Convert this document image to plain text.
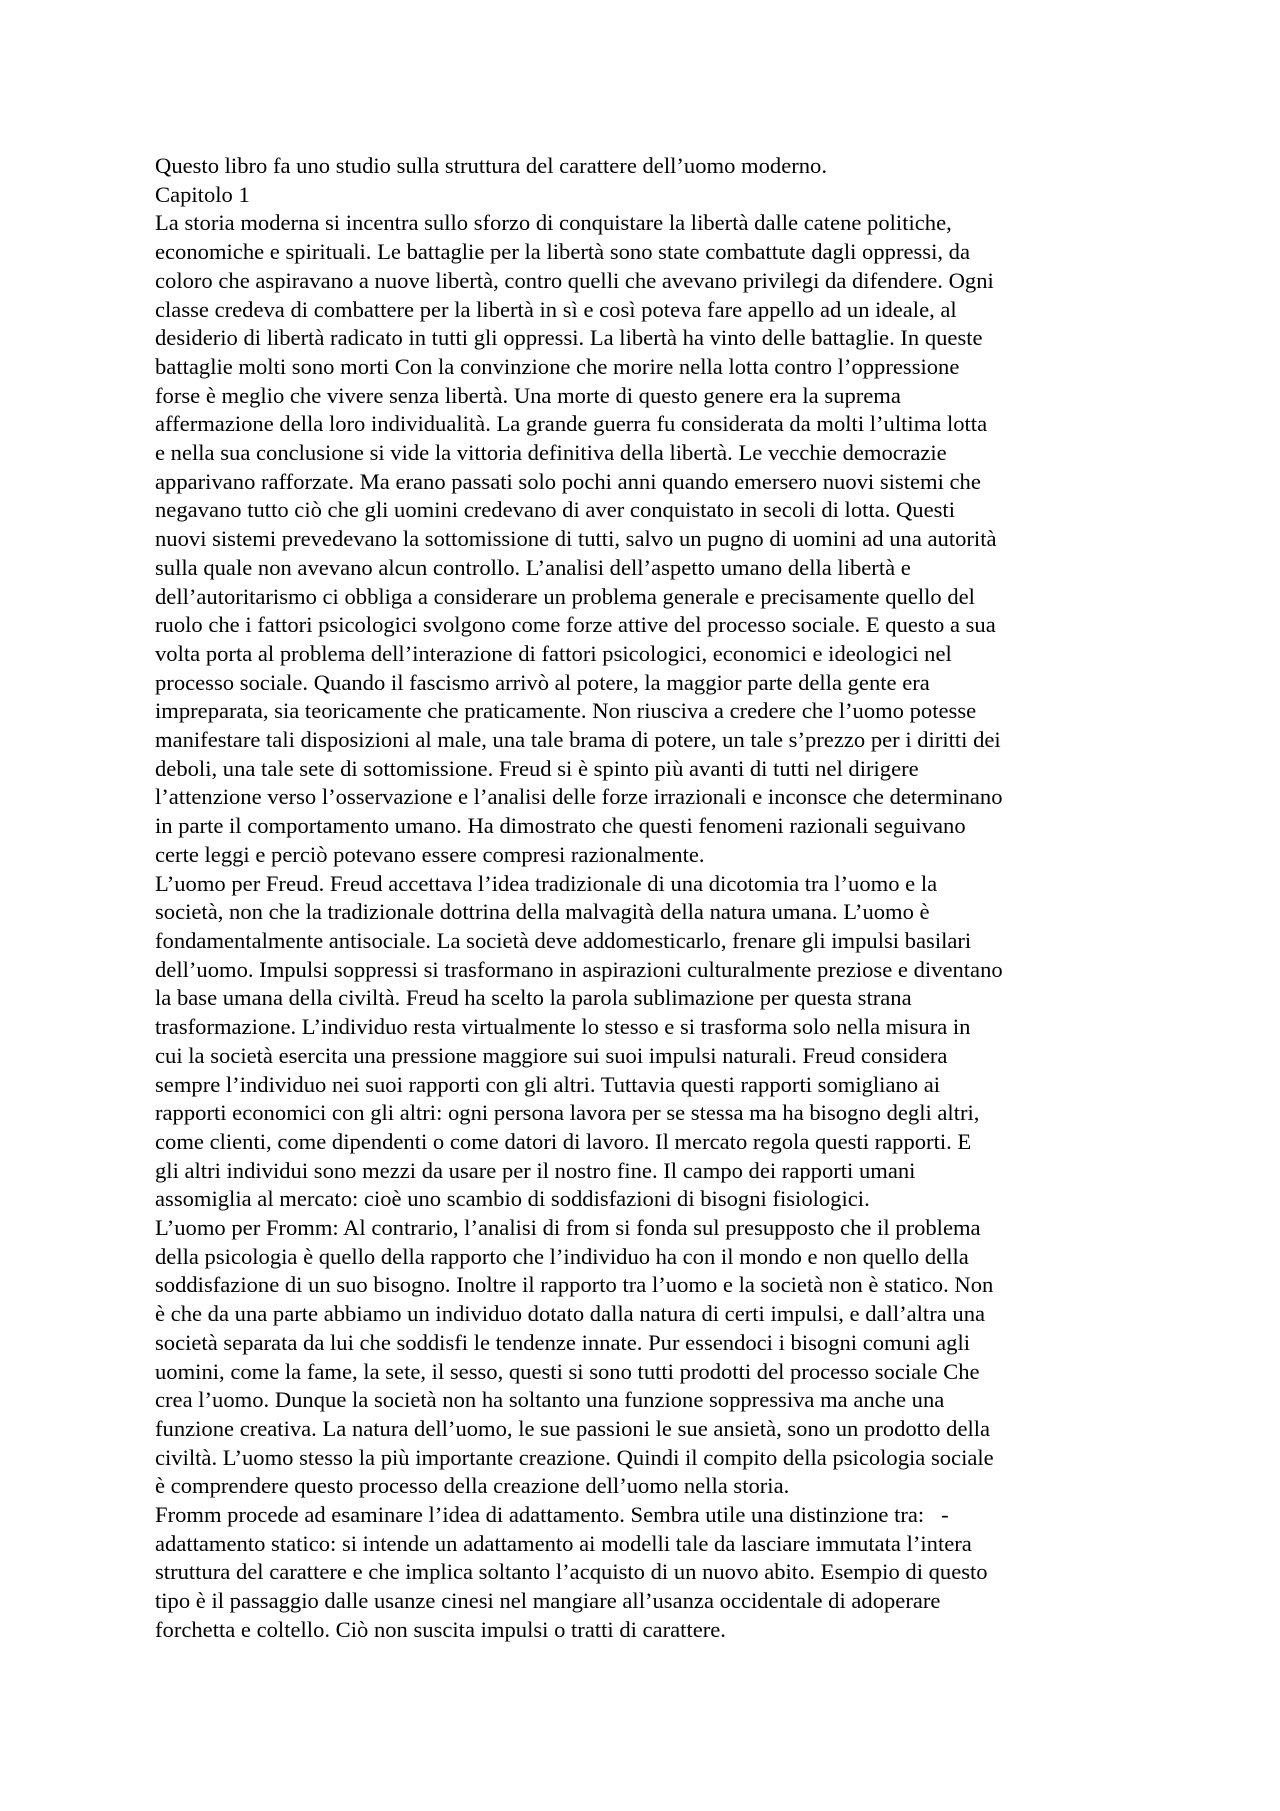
Questo libro fa uno studio sulla struttura del carattere dell’uomo moderno.
Capitolo 1
La storia moderna si incentra sullo sforzo di conquistare la libertà dalle catene politiche,
economiche e spirituali. Le battaglie per la libertà sono state combattute dagli oppressi, da
coloro che aspiravano a nuove libertà, contro quelli che avevano privilegi da difendere. Ogni
classe credeva di combattere per la libertà in sì e così poteva fare appello ad un ideale, al
desiderio di libertà radicato in tutti gli oppressi. La libertà ha vinto delle battaglie. In queste
battaglie molti sono morti Con la convinzione che morire nella lotta contro l’oppressione
forse è meglio che vivere senza libertà. Una morte di questo genere era la suprema
affermazione della loro individualità. La grande guerra fu considerata da molti l’ultima lotta
e nella sua conclusione si vide la vittoria definitiva della libertà. Le vecchie democrazie
apparivano rafforzate. Ma erano passati solo pochi anni quando emersero nuovi sistemi che
negavano tutto ciò che gli uomini credevano di aver conquistato in secoli di lotta. Questi
nuovi sistemi prevedevano la sottomissione di tutti, salvo un pugno di uomini ad una autorità
sulla quale non avevano alcun controllo. L’analisi dell’aspetto umano della libertà e
dell’autoritarismo ci obbliga a considerare un problema generale e precisamente quello del
ruolo che i fattori psicologici svolgono come forze attive del processo sociale. E questo a sua
volta porta al problema dell’interazione di fattori psicologici, economici e ideologici nel
processo sociale. Quando il fascismo arrivò al potere, la maggior parte della gente era
impreparata, sia teoricamente che praticamente. Non riusciva a credere che l’uomo potesse
manifestare tali disposizioni al male, una tale brama di potere, un tale s’prezzo per i diritti dei
deboli, una tale sete di sottomissione. Freud si è spinto più avanti di tutti nel dirigere
l’attenzione verso l’osservazione e l’analisi delle forze irrazionali e inconsce che determinano
in parte il comportamento umano. Ha dimostrato che questi fenomeni razionali seguivano
certe leggi e perciò potevano essere compresi razionalmente.
L’uomo per Freud. Freud accettava l’idea tradizionale di una dicotomia tra l’uomo e la
società, non che la tradizionale dottrina della malvagità della natura umana. L’uomo è
fondamentalmente antisociale. La società deve addomesticarlo, frenare gli impulsi basilari
dell’uomo. Impulsi soppressi si trasformano in aspirazioni culturalmente preziose e diventano
la base umana della civiltà. Freud ha scelto la parola sublimazione per questa strana
trasformazione. L’individuo resta virtualmente lo stesso e si trasforma solo nella misura in
cui la società esercita una pressione maggiore sui suoi impulsi naturali. Freud considera
sempre l’individuo nei suoi rapporti con gli altri. Tuttavia questi rapporti somigliano ai
rapporti economici con gli altri: ogni persona lavora per se stessa ma ha bisogno degli altri,
come clienti, come dipendenti o come datori di lavoro. Il mercato regola questi rapporti. E
gli altri individui sono mezzi da usare per il nostro fine. Il campo dei rapporti umani
assomiglia al mercato: cioè uno scambio di soddisfazioni di bisogni fisiologici.
L’uomo per Fromm: Al contrario, l’analisi di from si fonda sul presupposto che il problema
della psicologia è quello della rapporto che l’individuo ha con il mondo e non quello della
soddisfazione di un suo bisogno. Inoltre il rapporto tra l’uomo e la società non è statico. Non
è che da una parte abbiamo un individuo dotato dalla natura di certi impulsi, e dall’altra una
società separata da lui che soddisfi le tendenze innate. Pur essendoci i bisogni comuni agli
uomini, come la fame, la sete, il sesso, questi si sono tutti prodotti del processo sociale Che
crea l’uomo. Dunque la società non ha soltanto una funzione soppressiva ma anche una
funzione creativa. La natura dell’uomo, le sue passioni le sue ansietà, sono un prodotto della
civiltà. L’uomo stesso la più importante creazione. Quindi il compito della psicologia sociale
è comprendere questo processo della creazione dell’uomo nella storia.
Fromm procede ad esaminare l’idea di adattamento. Sembra utile una distinzione tra:   -
adattamento statico: si intende un adattamento ai modelli tale da lasciare immutata l’intera
struttura del carattere e che implica soltanto l’acquisto di un nuovo abito. Esempio di questo
tipo è il passaggio dalle usanze cinesi nel mangiare all’usanza occidentale di adoperare
forchetta e coltello. Ciò non suscita impulsi o tratti di carattere.
